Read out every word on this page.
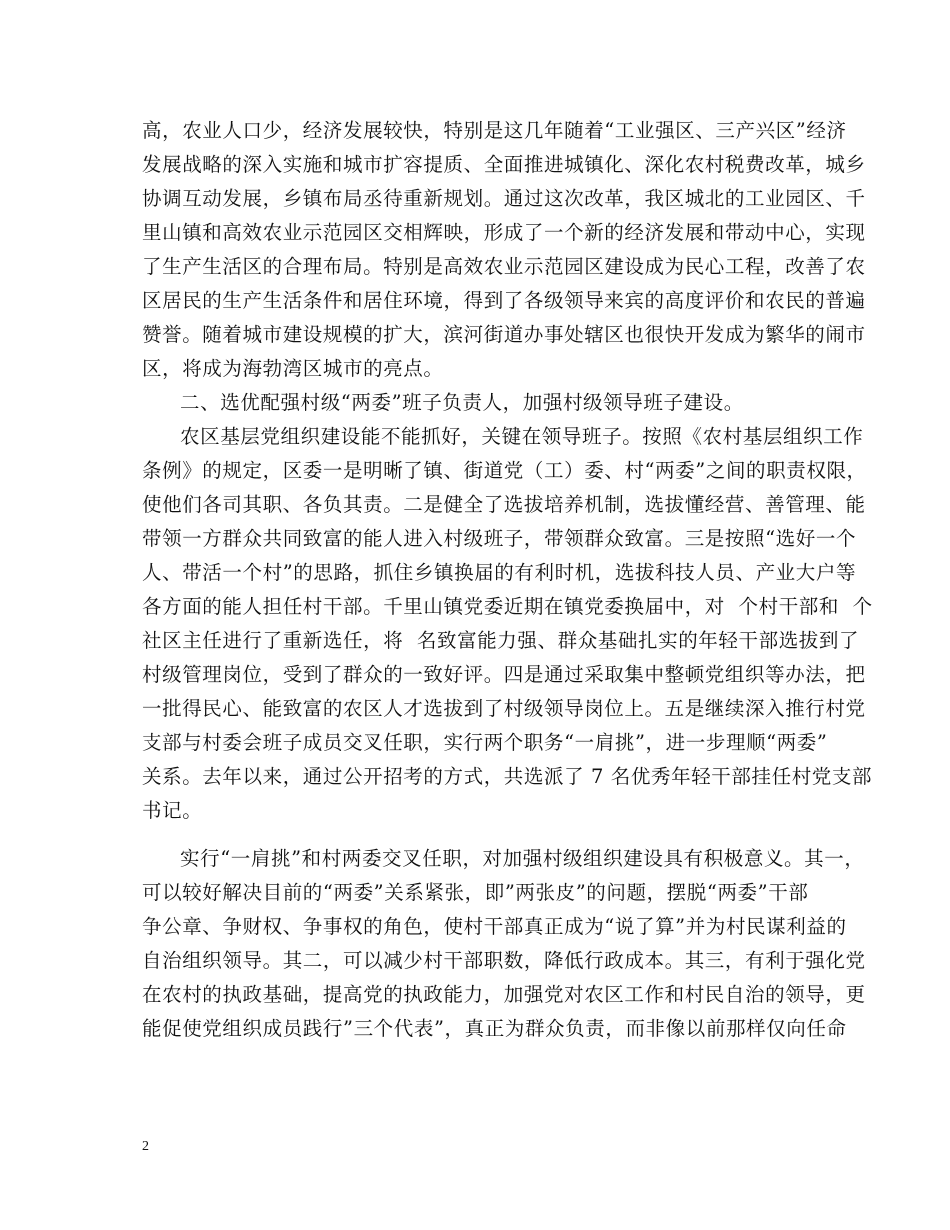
高，农业人口少，经济发展较快，特别是这几年随着“工业强区、三产兴区”经济
发展战略的深入实施和城市扩容提质、全面推进城镇化、深化农村税费改革，城乡
协调互动发展，乡镇布局丞待重新规划。通过这次改革，我区城北的工业园区、千
里山镇和高效农业示范园区交相辉映，形成了一个新的经济发展和带动中心，实现
了生产生活区的合理布局。特别是高效农业示范园区建设成为民心工程，改善了农
区居民的生产生活条件和居住环境，得到了各级领导来宾的高度评价和农民的普遍
赞誉。随着城市建设规模的扩大，滨河街道办事处辖区也很快开发成为繁华的闹市
区，将成为海勃湾区城市的亮点。
二、选优配强村级“两委”班子负责人，加强村级领导班子建设。
农区基层党组织建设能不能抓好，关键在领导班子。按照《农村基层组织工作
条例》的规定，区委一是明晰了镇、街道党（工）委、村“两委”之间的职责权限，
使他们各司其职、各负其责。二是健全了选拔培养机制，选拔懂经营、善管理、能
带领一方群众共同致富的能人进入村级班子，带领群众致富。三是按照“选好一个
人、带活一个村”的思路，抓住乡镇换届的有利时机，选拔科技人员、产业大户等
各方面的能人担任村干部。千里山镇党委近期在镇党委换届中，对  个村干部和  个
社区主任进行了重新选任，将  名致富能力强、群众基础扎实的年轻干部选拔到了
村级管理岗位，受到了群众的一致好评。四是通过采取集中整顿党组织等办法，把
一批得民心、能致富的农区人才选拔到了村级领导岗位上。五是继续深入推行村党
支部与村委会班子成员交叉任职，实行两个职务“一肩挑”，进一步理顺“两委”
关系。去年以来，通过公开招考的方式，共选派了 7 名优秀年轻干部挂任村党支部
书记。
实行“一肩挑”和村两委交叉任职，对加强村级组织建设具有积极意义。其一，
可以较好解决目前的“两委”关系紧张，即”两张皮”的问题，摆脱“两委”干部
争公章、争财权、争事权的角色，使村干部真正成为“说了算”并为村民谋利益的
自治组织领导。其二，可以减少村干部职数，降低行政成本。其三，有利于强化党
在农村的执政基础，提高党的执政能力，加强党对农区工作和村民自治的领导，更
能促使党组织成员践行”三个代表”，真正为群众负责，而非像以前那样仅向任命
2
